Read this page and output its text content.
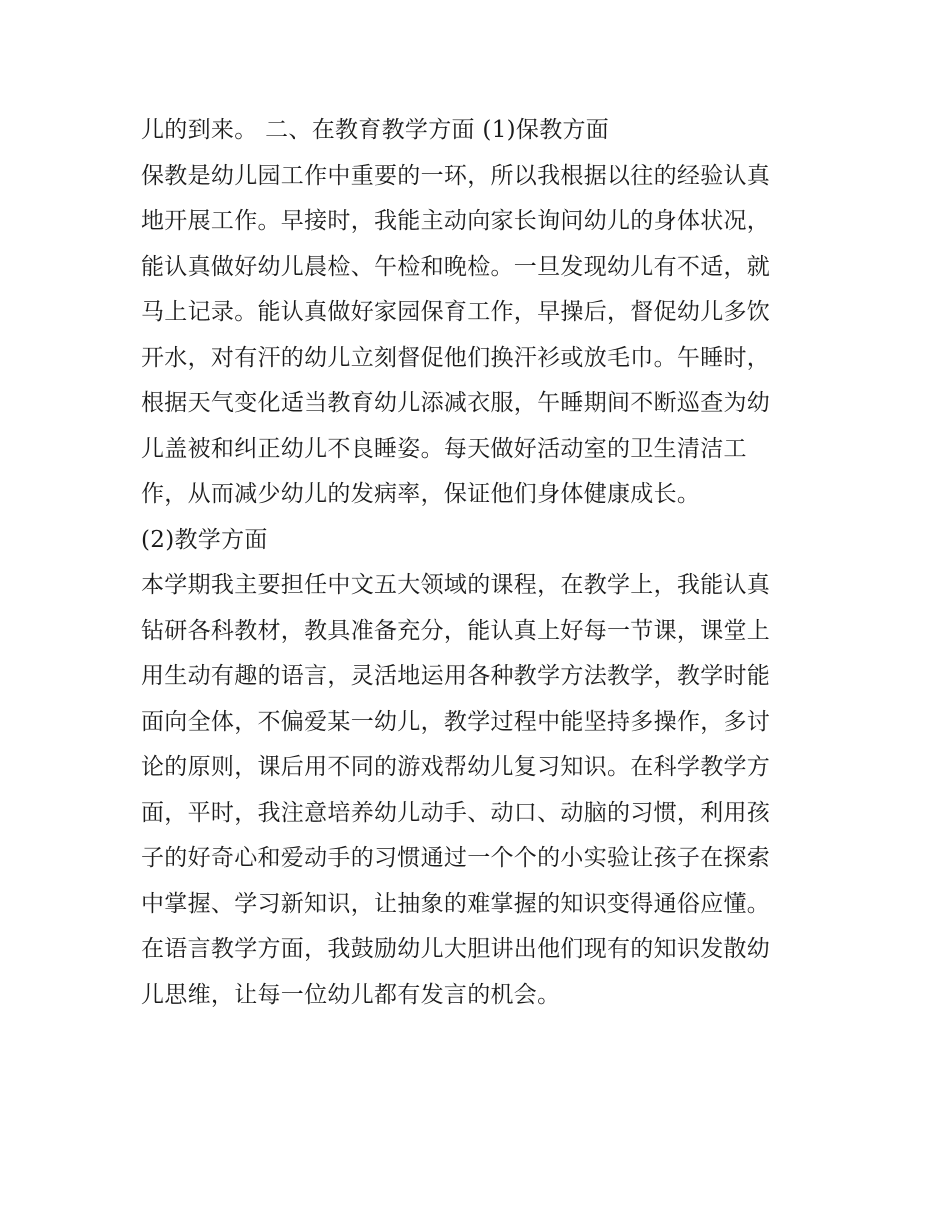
儿的到来。 二、在教育教学方面 (1)保教方面
保教是幼儿园工作中重要的一环，所以我根据以往的经验认真
地开展工作。早接时，我能主动向家长询问幼儿的身体状况，
能认真做好幼儿晨检、午检和晚检。一旦发现幼儿有不适，就
马上记录。能认真做好家园保育工作，早操后，督促幼儿多饮
开水，对有汗的幼儿立刻督促他们换汗衫或放毛巾。午睡时，
根据天气变化适当教育幼儿添减衣服，午睡期间不断巡查为幼
儿盖被和纠正幼儿不良睡姿。每天做好活动室的卫生清洁工
作，从而减少幼儿的发病率，保证他们身体健康成长。
(2)教学方面
本学期我主要担任中文五大领域的课程，在教学上，我能认真
钻研各科教材，教具准备充分，能认真上好每一节课，课堂上
用生动有趣的语言，灵活地运用各种教学方法教学，教学时能
面向全体，不偏爱某一幼儿，教学过程中能坚持多操作，多讨
论的原则，课后用不同的游戏帮幼儿复习知识。在科学教学方
面，平时，我注意培养幼儿动手、动口、动脑的习惯，利用孩
子的好奇心和爱动手的习惯通过一个个的小实验让孩子在探索
中掌握、学习新知识，让抽象的难掌握的知识变得通俗应懂。
在语言教学方面，我鼓励幼儿大胆讲出他们现有的知识发散幼
儿思维，让每一位幼儿都有发言的机会。
